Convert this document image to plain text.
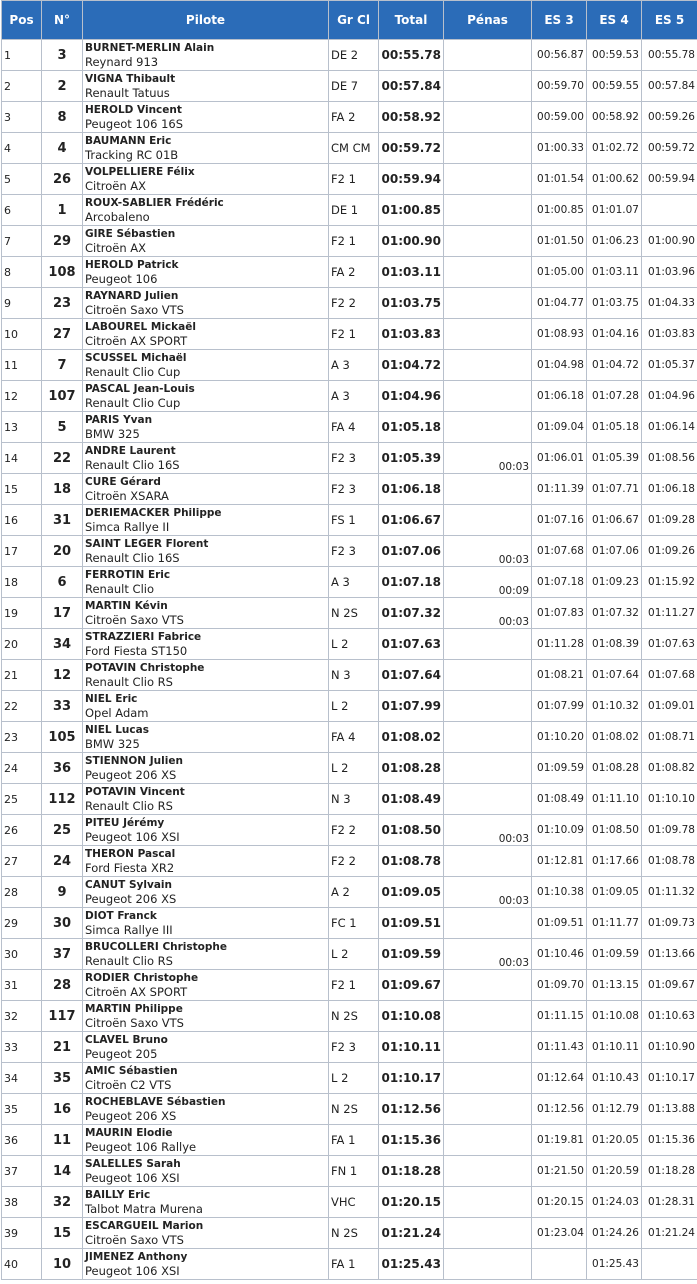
Pos	N°	Pilote	Gr Cl	Total	Pénas	ES 3	ES 4	ES 5
1	3	BURNET-MERLIN Alain
Reynard 913	DE 2	00:55.78		00:56.87	00:59.53	00:55.78
2	2	VIGNA Thibault
Renault Tatuus	DE 7	00:57.84		00:59.70	00:59.55	00:57.84
3	8	HEROLD Vincent
Peugeot 106 16S	FA 2	00:58.92		00:59.00	00:58.92	00:59.26
4	4	BAUMANN Eric
Tracking RC 01B	CM CM	00:59.72		01:00.33	01:02.72	00:59.72
5	26	VOLPELLIERE Félix
Citroën AX	F2 1	00:59.94		01:01.54	01:00.62	00:59.94
6	1	ROUX-SABLIER Frédéric
Arcobaleno	DE 1	01:00.85		01:00.85	01:01.07	
7	29	GIRE Sébastien
Citroën AX	F2 1	01:00.90		01:01.50	01:06.23	01:00.90
8	108	HEROLD Patrick
Peugeot 106	FA 2	01:03.11		01:05.00	01:03.11	01:03.96
9	23	RAYNARD Julien
Citroën Saxo VTS	F2 2	01:03.75		01:04.77	01:03.75	01:04.33
10	27	LABOUREL Mickaël
Citroën AX SPORT	F2 1	01:03.83		01:08.93	01:04.16	01:03.83
11	7	SCUSSEL Michaël
Renault Clio Cup	A 3	01:04.72		01:04.98	01:04.72	01:05.37
12	107	PASCAL Jean-Louis
Renault Clio Cup	A 3	01:04.96		01:06.18	01:07.28	01:04.96
13	5	PARIS Yvan
BMW 325	FA 4	01:05.18		01:09.04	01:05.18	01:06.14
14	22	ANDRE Laurent
Renault Clio 16S	F2 3	01:05.39	00:03	01:06.01	01:05.39	01:08.56
15	18	CURE Gérard
Citroën XSARA	F2 3	01:06.18		01:11.39	01:07.71	01:06.18
16	31	DERIEMACKER Philippe
Simca Rallye II	FS 1	01:06.67		01:07.16	01:06.67	01:09.28
17	20	SAINT LEGER Florent
Renault Clio 16S	F2 3	01:07.06	00:03	01:07.68	01:07.06	01:09.26
18	6	FERROTIN Eric
Renault Clio	A 3	01:07.18	00:09	01:07.18	01:09.23	01:15.92
19	17	MARTIN Kévin
Citroën Saxo VTS	N 2S	01:07.32	00:03	01:07.83	01:07.32	01:11.27
20	34	STRAZZIERI Fabrice
Ford Fiesta ST150	L 2	01:07.63		01:11.28	01:08.39	01:07.63
21	12	POTAVIN Christophe
Renault Clio RS	N 3	01:07.64		01:08.21	01:07.64	01:07.68
22	33	NIEL Eric
Opel Adam	L 2	01:07.99		01:07.99	01:10.32	01:09.01
23	105	NIEL Lucas
BMW 325	FA 4	01:08.02		01:10.20	01:08.02	01:08.71
24	36	STIENNON Julien
Peugeot 206 XS	L 2	01:08.28		01:09.59	01:08.28	01:08.82
25	112	POTAVIN Vincent
Renault Clio RS	N 3	01:08.49		01:08.49	01:11.10	01:10.10
26	25	PITEU Jérémy
Peugeot 106 XSI	F2 2	01:08.50	00:03	01:10.09	01:08.50	01:09.78
27	24	THERON Pascal
Ford Fiesta XR2	F2 2	01:08.78		01:12.81	01:17.66	01:08.78
28	9	CANUT Sylvain
Peugeot 206 XS	A 2	01:09.05	00:03	01:10.38	01:09.05	01:11.32
29	30	DIOT Franck
Simca Rallye III	FC 1	01:09.51		01:09.51	01:11.77	01:09.73
30	37	BRUCOLLERI Christophe
Renault Clio RS	L 2	01:09.59	00:03	01:10.46	01:09.59	01:13.66
31	28	RODIER Christophe
Citroën AX SPORT	F2 1	01:09.67		01:09.70	01:13.15	01:09.67
32	117	MARTIN Philippe
Citroën Saxo VTS	N 2S	01:10.08		01:11.15	01:10.08	01:10.63
33	21	CLAVEL Bruno
Peugeot 205	F2 3	01:10.11		01:11.43	01:10.11	01:10.90
34	35	AMIC Sébastien
Citroën C2 VTS	L 2	01:10.17		01:12.64	01:10.43	01:10.17
35	16	ROCHEBLAVE Sébastien
Peugeot 206 XS	N 2S	01:12.56		01:12.56	01:12.79	01:13.88
36	11	MAURIN Elodie
Peugeot 106 Rallye	FA 1	01:15.36		01:19.81	01:20.05	01:15.36
37	14	SALELLES Sarah
Peugeot 106 XSI	FN 1	01:18.28		01:21.50	01:20.59	01:18.28
38	32	BAILLY Eric
Talbot Matra Murena	VHC	01:20.15		01:20.15	01:24.03	01:28.31
39	15	ESCARGUEIL Marion
Citroën Saxo VTS	N 2S	01:21.24		01:23.04	01:24.26	01:21.24
40	10	JIMENEZ Anthony
Peugeot 106 XSI	FA 1	01:25.43			01:25.43	
